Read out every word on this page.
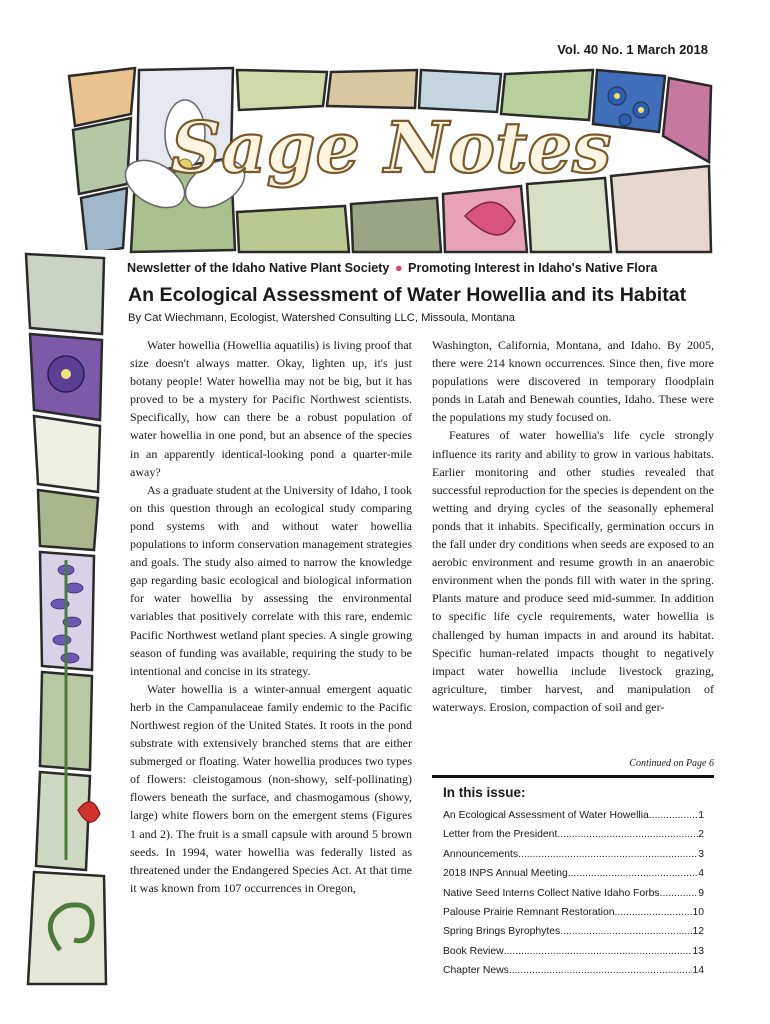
Vol. 40 No. 1 March 2018
Sage Notes
Newsletter of the Idaho Native Plant Society ● Promoting Interest in Idaho's Native Flora
An Ecological Assessment of Water Howellia and its Habitat
By Cat Wiechmann, Ecologist, Watershed Consulting LLC, Missoula, Montana

Water howellia (Howellia aquatilis) is living proof that size doesn't always matter. Okay, lighten up, it's just botany people! Water howellia may not be big, but it has proved to be a mystery for Pacific Northwest scientists. Specifically, how can there be a robust population of water howellia in one pond, but an absence of the species in an apparently identical-looking pond a quarter-mile away?

As a graduate student at the University of Idaho, I took on this question through an ecological study comparing pond systems with and without water howellia populations to inform conservation management strategies and goals. The study also aimed to narrow the knowledge gap regarding basic ecological and biological information for water howellia by assessing the environmental variables that positively correlate with this rare, endemic Pacific Northwest wetland plant species. A single growing season of funding was available, requiring the study to be intentional and concise in its strategy.

Water howellia is a winter-annual emergent aquatic herb in the Campanulaceae family endemic to the Pacific Northwest region of the United States. It roots in the pond substrate with extensively branched stems that are either submerged or floating. Water howellia produces two types of flowers: cleistogamous (non-showy, self-pollinating) flowers beneath the surface, and chasmogamous (showy, large) white flowers born on the emergent stems (Figures 1 and 2). The fruit is a small capsule with around 5 brown seeds. In 1994, water howellia was federally listed as threatened under the Endangered Species Act. At that time it was known from 107 occurrences in Oregon,

Washington, California, Montana, and Idaho. By 2005, there were 214 known occurrences. Since then, five more populations were discovered in temporary floodplain ponds in Latah and Benewah counties, Idaho. These were the populations my study focused on.

Features of water howellia's life cycle strongly influence its rarity and ability to grow in various habitats. Earlier monitoring and other studies revealed that successful reproduction for the species is dependent on the wetting and drying cycles of the seasonally ephemeral ponds that it inhabits. Specifically, germination occurs in the fall under dry conditions when seeds are exposed to an aerobic environment and resume growth in an anaerobic environment when the ponds fill with water in the spring. Plants mature and produce seed mid-summer. In addition to specific life cycle requirements, water howellia is challenged by human impacts in and around its habitat. Specific human-related impacts thought to negatively impact water howellia include livestock grazing, agriculture, timber harvest, and manipulation of waterways. Erosion, compaction of soil and ger-

Continued on Page 6
In this issue:
An Ecological Assessment of Water Howellia .....	1
Letter from the President .....	2
Announcements .....	3
2018 INPS Annual Meeting .....	4
Native Seed Interns Collect Native Idaho Forbs .....	9
Palouse Prairie Remnant Restoration .....	10
Spring Brings Byrophytes .....	12
Book Review .....	13
Chapter News .....	14
